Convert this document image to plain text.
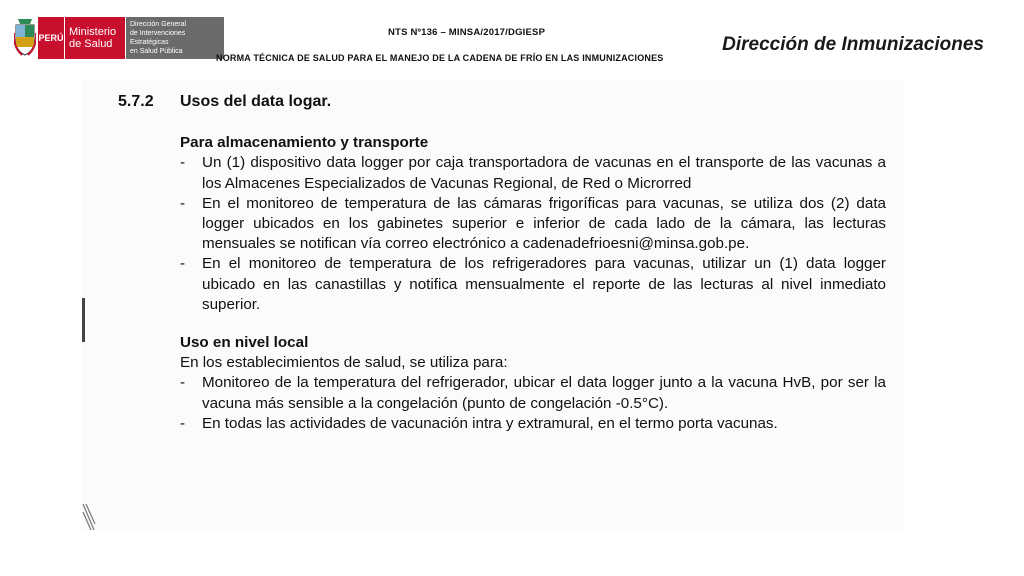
PERÚ Ministerio
de Salud
Dirección General
de Intervenciones Estratégicas
en Salud Pública
NTS Nº136 – MINSA/2017/DGIESP
NORMA TÉCNICA DE SALUD PARA EL MANEJO DE LA CADENA DE FRÍO EN LAS INMUNIZACIONES
Dirección de Inmunizaciones
5.7.2 Usos del data logar.
Para almacenamiento y transporte
-	Un (1) dispositivo data logger por caja transportadora de vacunas en el transporte de las vacunas a los Almacenes Especializados de Vacunas Regional, de Red o Microrred
-	En el monitoreo de temperatura de las cámaras frigoríficas para vacunas, se utiliza dos (2) data logger ubicados en los gabinetes superior e inferior de cada lado de la cámara, las lecturas mensuales se notifican vía correo electrónico a cadenadefrioesni@minsa.gob.pe.
-	En el monitoreo de temperatura de los refrigeradores para vacunas, utilizar un (1) data logger ubicado en las canastillas y notifica mensualmente el reporte de las lecturas al nivel inmediato superior.
Uso en nivel local
En los establecimientos de salud, se utiliza para:
-	Monitoreo de la temperatura del refrigerador, ubicar el data logger junto a la vacuna HvB, por ser la vacuna más sensible a la congelación (punto de congelación -0.5°C).
-	En todas las actividades de vacunación intra y extramural, en el termo porta vacunas.
